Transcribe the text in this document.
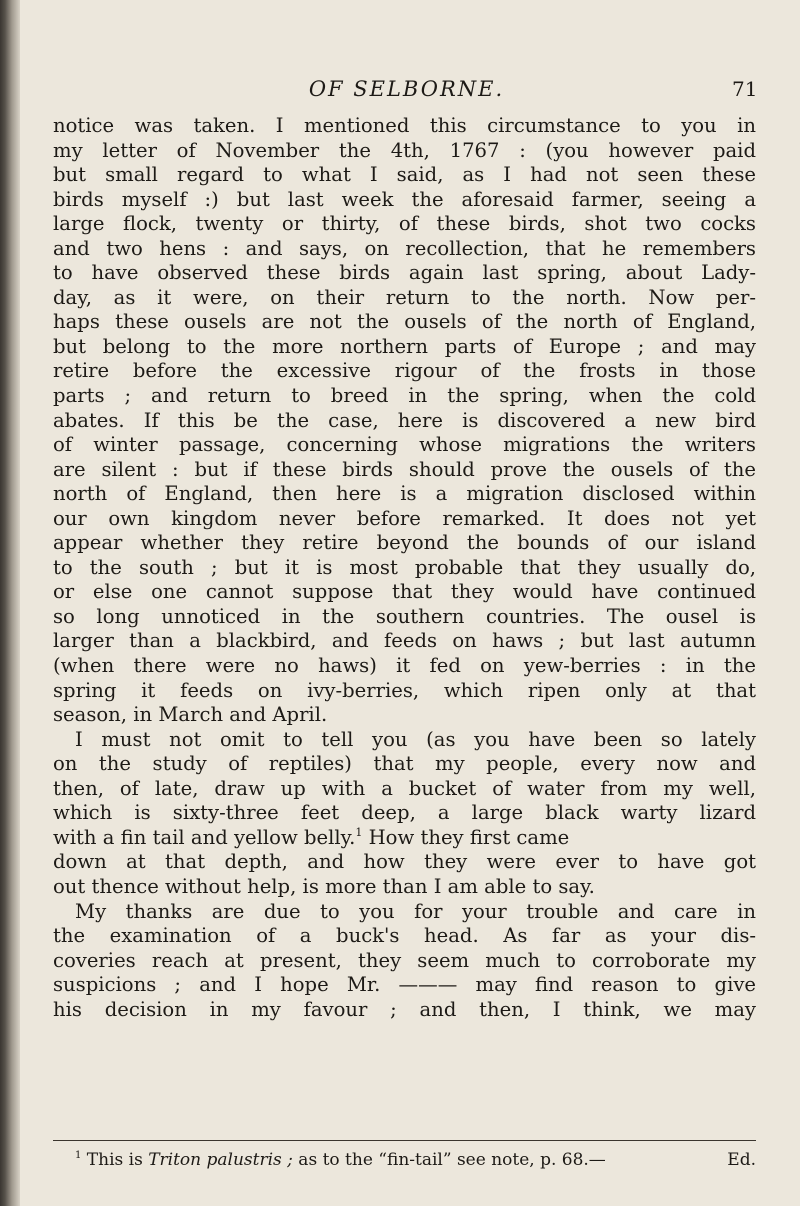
OF SELBORNE.	71
notice was taken. I mentioned this circumstance to you in
my letter of November the 4th, 1767 : (you however paid
but small regard to what I said, as I had not seen these
birds myself :) but last week the aforesaid farmer, seeing a
large flock, twenty or thirty, of these birds, shot two cocks
and two hens : and says, on recollection, that he remembers
to have observed these birds again last spring, about Lady-
day, as it were, on their return to the north. Now per-
haps these ousels are not the ousels of the north of England,
but belong to the more northern parts of Europe ; and may
retire before the excessive rigour of the frosts in those
parts ; and return to breed in the spring, when the cold
abates. If this be the case, here is discovered a new bird
of winter passage, concerning whose migrations the writers
are silent : but if these birds should prove the ousels of the
north of England, then here is a migration disclosed within
our own kingdom never before remarked. It does not yet
appear whether they retire beyond the bounds of our island
to the south ; but it is most probable that they usually do,
or else one cannot suppose that they would have continued
so long unnoticed in the southern countries. The ousel is
larger than a blackbird, and feeds on haws ; but last autumn
(when there were no haws) it fed on yew-berries : in the
spring it feeds on ivy-berries, which ripen only at that
season, in March and April.
I must not omit to tell you (as you have been so lately
on the study of reptiles) that my people, every now and
then, of late, draw up with a bucket of water from my well,
which is sixty-three feet deep, a large black warty lizard
with a fin tail and yellow belly.$^1$ How they first came
down at that depth, and how they were ever to have got
out thence without help, is more than I am able to say.
My thanks are due to you for your trouble and care in
the examination of a buck's head. As far as your dis-
coveries reach at present, they seem much to corroborate my
suspicions ; and I hope Mr. ——— may find reason to give
his decision in my favour ; and then, I think, we may
$^1$ This is Triton palustris ; as to the “fin-tail” see note, p. 68.—	Ed.
